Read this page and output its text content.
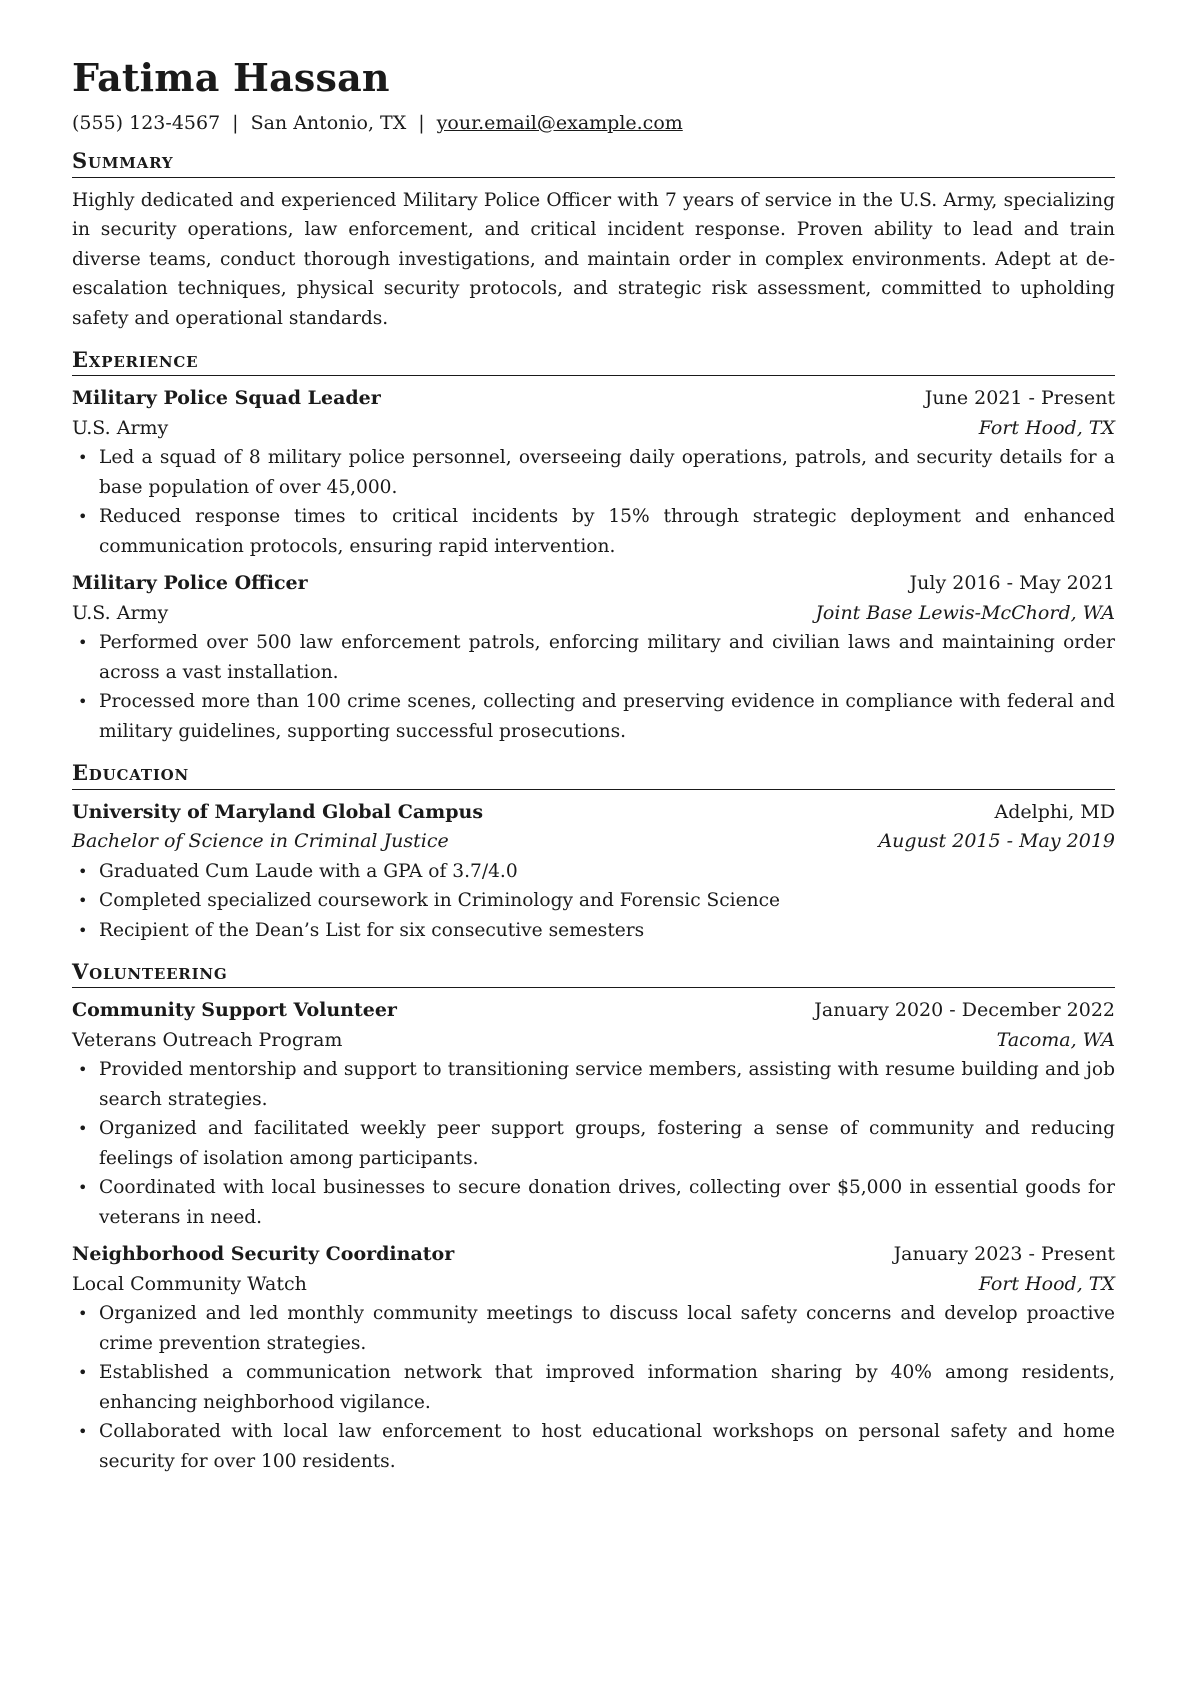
Fatima Hassan
(555) 123-4567 | San Antonio, TX | your.email@example.com
Summary
Highly dedicated and experienced Military Police Officer with 7 years of service in the U.S. Army, specializing in security operations, law enforcement, and critical incident response. Proven ability to lead and train diverse teams, conduct thorough investigations, and maintain order in complex environments. Adept at de-escalation techniques, physical security protocols, and strategic risk assessment, committed to upholding safety and operational standards.
Experience
Military Police Squad Leader	June 2021 - Present
U.S. Army	Fort Hood, TX
• Led a squad of 8 military police personnel, overseeing daily operations, patrols, and security details for a base population of over 45,000.
• Reduced response times to critical incidents by 15% through strategic deployment and enhanced communication protocols, ensuring rapid intervention.
Military Police Officer	July 2016 - May 2021
U.S. Army	Joint Base Lewis-McChord, WA
• Performed over 500 law enforcement patrols, enforcing military and civilian laws and maintaining order across a vast installation.
• Processed more than 100 crime scenes, collecting and preserving evidence in compliance with federal and military guidelines, supporting successful prosecutions.
Education
University of Maryland Global Campus	Adelphi, MD
Bachelor of Science in Criminal Justice	August 2015 - May 2019
• Graduated Cum Laude with a GPA of 3.7/4.0
• Completed specialized coursework in Criminology and Forensic Science
• Recipient of the Dean’s List for six consecutive semesters
Volunteering
Community Support Volunteer	January 2020 - December 2022
Veterans Outreach Program	Tacoma, WA
• Provided mentorship and support to transitioning service members, assisting with resume building and job search strategies.
• Organized and facilitated weekly peer support groups, fostering a sense of community and reducing feelings of isolation among participants.
• Coordinated with local businesses to secure donation drives, collecting over $5,000 in essential goods for veterans in need.
Neighborhood Security Coordinator	January 2023 - Present
Local Community Watch	Fort Hood, TX
• Organized and led monthly community meetings to discuss local safety concerns and develop proactive crime prevention strategies.
• Established a communication network that improved information sharing by 40% among residents, enhancing neighborhood vigilance.
• Collaborated with local law enforcement to host educational workshops on personal safety and home security for over 100 residents.
